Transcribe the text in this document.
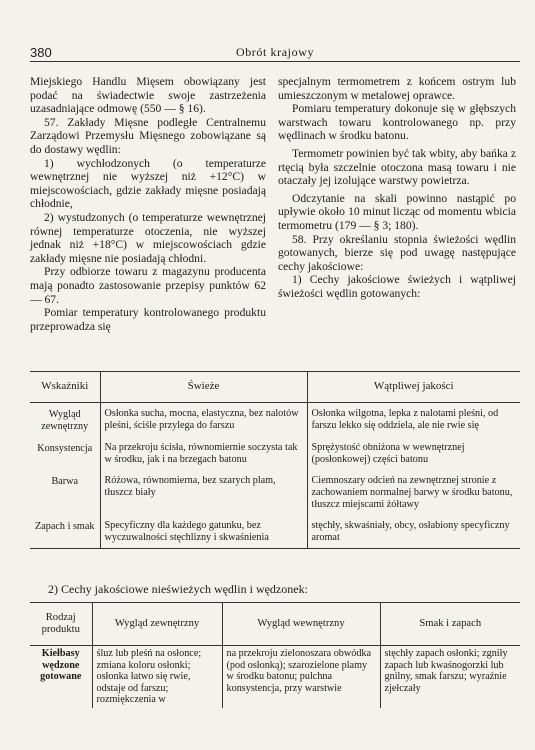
380	Obrót krajowy

Miejskiego Handlu Mięsem obowiązany jest podać na świadectwie swoje zastrzeżenia uzasadniające odmowę (550 — § 16).

57. Zakłady Mięsne podległe Centralnemu Zarządowi Przemysłu Mięsnego zobowiązane są do dostawy wędlin:

1) wychłodzonych (o temperaturze wewnętrznej nie wyższej niż +12°C) w miejscowościach, gdzie zakłady mięsne posiadają chłodnie,

2) wystudzonych (o temperaturze wewnętrznej równej temperaturze otoczenia, nie wyższej jednak niż +18°C) w miejscowościach gdzie zakłady mięsne nie posiadają chłodni.

Przy odbiorze towaru z magazynu producenta mają ponadto zastosowanie przepisy punktów 62 — 67.

Pomiar temperatury kontrolowanego produktu przeprowadza się

specjalnym termometrem z końcem ostrym lub umieszczonym w metalowej oprawce.

Pomiaru temperatury dokonuje się w głębszych warstwach towaru kontrolowanego np. przy wędlinach w środku batonu.

Termometr powinien być tak wbity, aby bańka z rtęcią była szczelnie otoczona masą towaru i nie otaczały jej izolujące warstwy powietrza.

Odczytanie na skali powinno nastąpić po upływie około 10 minut licząc od momentu wbicia termometru (179 — § 3; 180).

58. Przy określaniu stopnia świeżości wędlin gotowanych, bierze się pod uwagę następujące cechy jakościowe:

1) Cechy jakościowe świeżych i wątpliwej świeżości wędlin gotowanych:

Wskaźniki	Świeże	Wątpliwej jakości
Wygląd zewnętrzny	Osłonka sucha, mocna, elastyczna, bez nalotów pleśni, ściśle przylega do farszu	Osłonka wilgotna, lepka z nalotami pleśni, od farszu lekko się oddziela, ale nie rwie się
Konsystencja	Na przekroju ścisła, równomiernie soczysta tak w środku, jak i na brzegach batonu	Sprężystość obniżona w wewnętrznej (posłonkowej) części batonu
Barwa	Różowa, równomierna, bez szarych plam, tłuszcz biały	Ciemnoszary odcień na zewnętrznej stronie z zachowaniem normalnej barwy w środku batonu, tłuszcz miejscami żółtawy
Zapach i smak	Specyficzny dla każdego gatunku, bez wyczuwalności stęchlizny i skwaśnienia	stęchły, skwaśniały, obcy, osłabiony specyficzny aromat
2) Cechy jakościowe nieświeżych wędlin i wędzonek:
Rodzaj produktu	Wygląd zewnętrzny	Wygląd wewnętrzny	Smak i zapach
Kiełbasy wędzone gotowane	śluz lub pleśń na osłonce; zmiana koloru osłonki; osłonka łatwo się rwie, odstaje od farszu; rozmiękczenia w	na przekroju zielonoszara obwódka (pod osłonką); szarozielone plamy w środku batonu; pulchna konsystencja, przy warstwie	stęchły zapach osłonki; zgniły zapach lub kwaśnogorzki lub gnilny, smak farszu; wyraźnie zjełczały
